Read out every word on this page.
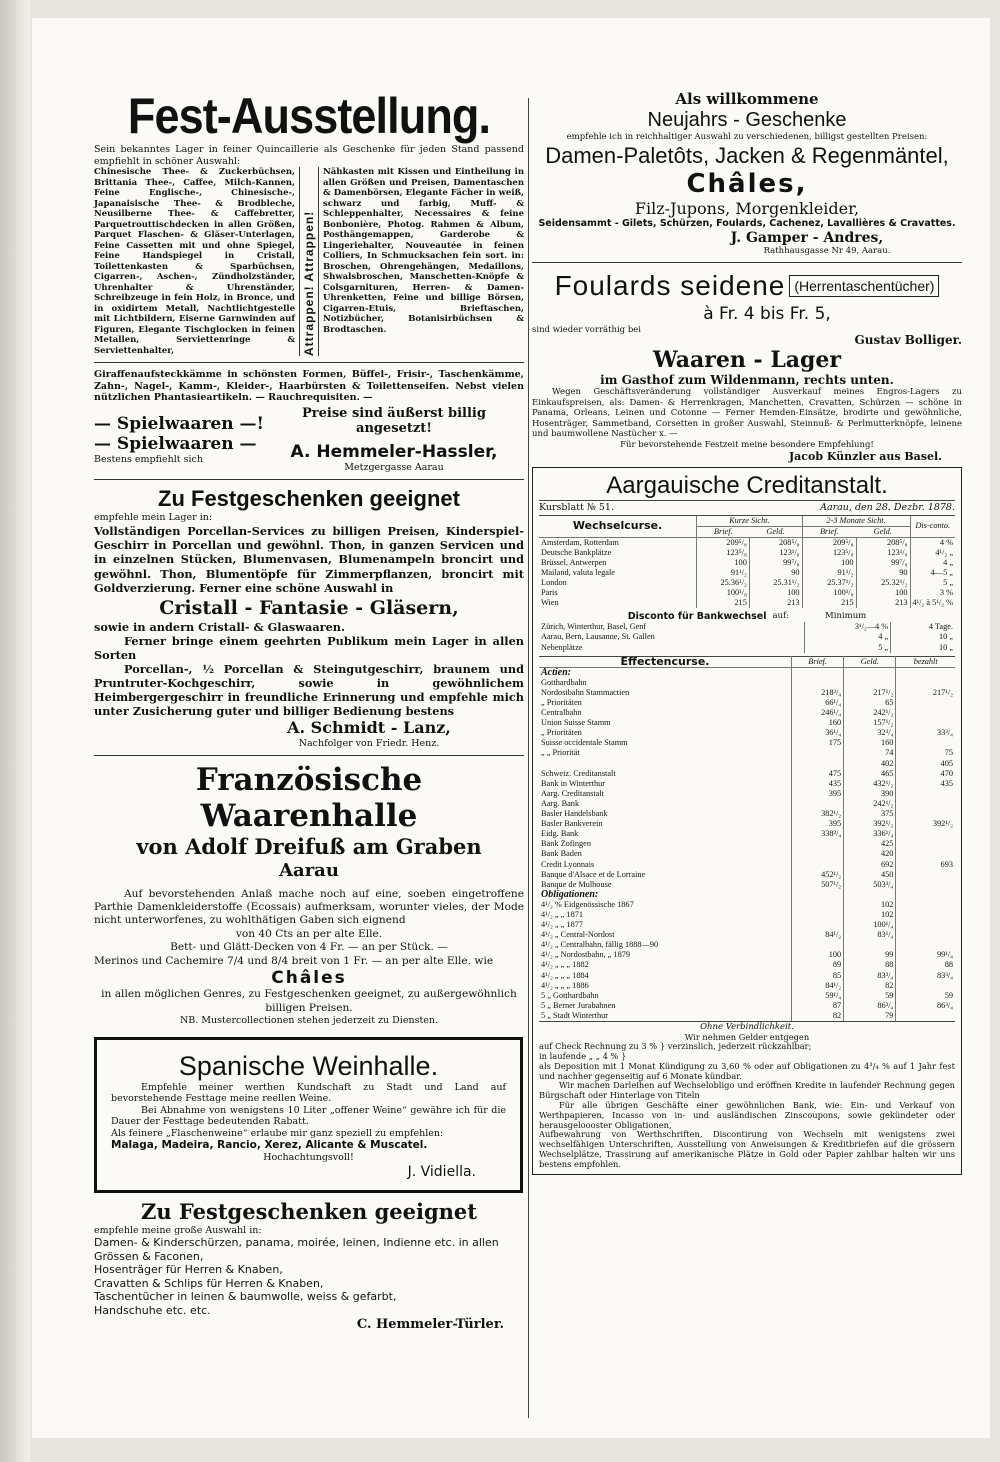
Fest-Ausstellung.

Sein bekanntes Lager in feiner Quincaillerie als Geschenke für jeden Stand passend empfiehlt in schöner Auswahl:

Chinesische Thee- & Zuckerbüchsen, Brittania Thee-, Caffee, Milch-Kannen, Feine Englische-, Chinesische-, Japanaisische Thee- & Brodbleche, Neusilberne Thee- & Caffebretter, Parquetrouttischdecken in allen Größen, Parquet Flaschen- & Gläser-Unterlagen, Feine Cassetten mit und ohne Spiegel, Feine Handspiegel in Cristall, Toilettenkasten & Sparbüchsen, Cigarren-, Aschen-, Zündholzständer, Uhrenhalter & Uhrenständer, Schreibzeuge in fein Holz, in Bronce, und in oxidirtem Metall, Nachtlichtgestelle mit Lichtbildern, Eiserne Garnwinden auf Figuren, Elegante Tischglocken in feinen Metallen, Serviettenringe & Serviettenhalter,	Attrappen! Attrappen!

Nähkasten mit Kissen und Eintheilung in allen Größen und Preisen, Damentaschen & Damenbörsen, Elegante Fächer in weiß, schwarz und farbig, Muff- & Schleppenhalter, Necessaires & feine Bonbonière, Photog. Rahmen & Album, Posthängemappen, Garderobe & Lingeriehalter, Nouveautée in feinen Colliers, In Schmucksachen fein sort. in: Broschen, Ohrengehängen, Medaillons, Shwalsbroschen, Manschetten-Knöpfe & Colsgarnituren, Herren- & Damen-Uhrenketten, Feine und billige Börsen, Cigarren-Etuis, Brieftaschen, Notizbücher, Botanisirbüchsen & Brodtaschen.

Giraffenaufsteckkämme in schönsten Formen, Büffel-, Frisir-, Taschenkämme, Zahn-, Nagel-, Kamm-, Kleider-, Haarbürsten & Toilettenseifen. Nebst vielen nützlichen Phantasieartikeln. — Rauchrequisiten. —

— Spielwaaren —!
— Spielwaaren —
Bestens empfiehlt sich
Preise sind äußerst billig angesetzt!
A. Hemmeler-Hassler,
Metzgergasse Aarau
Zu Festgeschenken geeignet

empfehle mein Lager in:

Vollständigen Porcellan-Services zu billigen Preisen, Kinderspiel-Geschirr in Porcellan und gewöhnl. Thon, in ganzen Servicen und in einzelnen Stücken, Blumenvasen, Blumenampeln broncirt und gewöhnl. Thon, Blumentöpfe für Zimmerpflanzen, broncirt mit Goldverzierung. Ferner eine schöne Auswahl in

Cristall - Fantasie - Gläsern,

sowie in andern Cristall- & Glaswaaren.

Ferner bringe einem geehrten Publikum mein Lager in allen Sorten

Porcellan-, ½ Porcellan & Steingutgeschirr, braunem und Pruntruter-Kochgeschirr, sowie in gewöhnlichem Heimbergergeschirr in freundliche Erinnerung und empfehle mich unter Zusicherung guter und billiger Bedienung bestens

A. Schmidt - Lanz,
Nachfolger von Friedr. Henz.
Französische Waarenhalle
von Adolf Dreifuß am Graben
Aarau

Auf bevorstehenden Anlaß mache noch auf eine, soeben eingetroffene Parthie Damenkleiderstoffe (Ecossais) aufmerksam, worunter vieles, der Mode nicht unterworfenes, zu wohlthätigen Gaben sich eignend

von 40 Cts an per alte Elle.

Bett- und Glätt-Decken von 4 Fr. — an per Stück. —

Merinos und Cachemire 7/4 und 8/4 breit von 1 Fr. — an per alte Elle. wie

Châles

in allen möglichen Genres, zu Festgeschenken geeignet, zu außergewöhnlich billigen Preisen.

NB. Mustercollectionen stehen jederzeit zu Diensten.

Spanische Weinhalle.

Empfehle meiner werthen Kundschaft zu Stadt und Land auf bevorstehende Festtage meine reellen Weine.

Bei Abnahme von wenigstens 10 Liter „offener Weine“ gewähre ich für die Dauer der Festtage bedeutenden Rabatt.

Als feinere „Flaschenweine“ erlaube mir ganz speziell zu empfehlen:

Malaga, Madeira, Rancio, Xerez, Alicante & Muscatel.

Hochachtungsvoll!

J. Vidiella.

Zu Festgeschenken geeignet

empfehle meine große Auswahl in:

Damen- & Kinderschürzen, panama, moirée, leinen, Indienne etc. in allen Grössen & Faconen,

Hosenträger für Herren & Knaben,

Cravatten & Schlips für Herren & Knaben,

Taschentücher in leinen & baumwolle, weiss & gefarbt,

Handschuhe etc. etc.

C. Hemmeler-Türler.

Als willkommene
Neujahrs - Geschenke

empfehle ich in reichhaltiger Auswahl zu verschiedenen, billigst gestellten Preisen:

Damen-Paletôts, Jacken & Regenmäntel,
Châles,
Filz-Jupons, Morgenkleider,

Seidensammt - Gilets, Schürzen, Foulards, Cachenez, Lavallières & Cravattes.

J. Gamper - Andres,
Rathhausgasse Nr 49, Aarau.
Foulards seidene (Herrentaschentücher)
à Fr. 4 bis Fr. 5,
sind wieder vorräthig bei
Gustav Bolliger.
Waaren - Lager

im Gasthof zum Wildenmann, rechts unten.

Wegen Geschäftsveränderung vollständiger Ausverkauf meines Engros-Lagers zu Einkaufspreisen, als: Damen- & Herrenkragen, Manchetten, Cravatten, Schürzen — schöne in Panama, Orleans, Leinen und Cotonne — Ferner Hemden-Einsätze, brodirte und gewöhnliche, Hosenträger, Sammetband, Corsetten in großer Auswahl, Steinnuß- & Perlmutterknöpfe, leinene und baumwollene Nastücher x. —

Für bevorstehende Festzeit meine besondere Empfehlung!

Jacob Künzler aus Basel.

Aargauische Creditanstalt.
Kursblatt № 51.	Aarau, den 28. Dezbr. 1878.
Wechselcurse.	Kurze Sicht.		2-3 Monate Sicht.		Dis-conto.
	Brief.	Geld.	Brief.	Geld.	
Amsterdam, Rotterdam	209⁵/₈	208⁵/₈	209⁵/₈	208⁵/₈	4 %
Deutsche Bankplätze	123⁵/₈	123¹/₈	123⁵/₈	123¹/₈	4¹/₂ „
Brüssel, Antwerpen	100	99⁷/₈	100	99⁷/₈	4 „
Mailand, valuta legale	91¹/₂	90	91¹/₂	90	4—5 „
London	25.36¹/₂	25.31¹/₂	25.37¹/₂	25.32¹/₂	5 „
Paris	100¹/₈	100	100¹/₈	100	3 %
Wien	215	213	215	213	4¹/₂ à 5¹/₂ %
Disconto für Bankwechsel auf:	Minimum
Zürich, Winterthur, Basel, Genf	3¹/₂—4 %	4 Tage.
Aarau, Bern, Lausanne, St. Gallen	4 „	10 „
Nebenplätze	5 „	10 „
Effectencurse.	Brief.	Geld.	bezahlt
Actien:			
Gotthardbahn			
Nordostbahn Stammactien	218³/₄	217¹/₂	217¹/₂
„ Prioritäten	66¹/₄	65	
Centralbahn	246¹/₄	242¹/₂	
Union Suisse Stamm	160	157¹/₂	
„ Prioritäten	36¹/₄	32³/₄	33³/₄
Suisse occidentale Stamm	175	160	
„ „ Priorität		74	75
		402	405
Schweiz. Creditanstalt	475	465	470
Bank in Winterthur	435	432¹/₂	435
Aarg. Creditanstalt	395	390	
Aarg. Bank		242¹/₂	
Basler Handelsbank	382¹/₂	375	
Basler Bankverein	395	392¹/₂	392¹/₂
Eidg. Bank	338³/₄	336¹/₄	
Bank Zofingen		425	
Bank Baden		420	
Credit Lyonnais		692	693
Banque d'Alsace et de Lorraine	452¹/₂	450	
Banque de Mulhouse	507¹/₂	503³/₄	
Obligationen:			
4¹/₂ % Eidgenössische 1867		102	
4¹/₂ „ „ 1871		102	
4¹/₂ „ „ 1877		100¹/₄	
4¹/₂ „ Central-Nordost	84¹/₂	83¹/₄	
4¹/₂ „ Centralbahn, fällig 1888—90			
4¹/₂ „ Nordostbahn, „ 1879	100	99	99¹/₄
4¹/₂ „ „ „ 1882	89	88	88
4¹/₂ „ „ „ 1884	85	83³/₄	83³/₄
4¹/₂ „ „ „ 1886	84¹/₂	82	
5 „ Gotthardbahn	59¹/₄	59	59
5 „ Berner Jurabahnen	87	86³/₄	86³/₄
5 „ Stadt Winterthur	82	79	

Ohne Verbindlichkeit.

Wir nehmen Gelder entgegen

auf Check Rechnung zu 3 % } verzinslich, jederzeit rückzahlbar;

in laufende „ „ 4 % }

als Deposition mit 1 Monat Kündigung zu 3,60 % oder auf Obligationen zu 4³/₄ % auf 1 Jahr fest und nachher gegenseitig auf 6 Monate kündbar.

Wir machen Darleihen auf Wechselobligo und eröffnen Kredite in laufender Rechnung gegen Bürgschaft oder Hinterlage von Titeln

Für alle übrigen Geschäfte einer gewöhnlichen Bank, wie: Ein- und Verkauf von Werthpapieren, Incasso von in- und ausländischen Zinscoupons, sowie gekündeter oder herausgeloooster Obligationen,

Aufbewahrung von Werthschriften, Discontirung von Wechseln mit wenigstens zwei wechselfähigen Unterschriften, Ausstellung von Anweisungen & Kreditbriefen auf die grössern Wechselplätze, Trassirung auf amerikanische Plätze in Gold oder Papier zahlbar halten wir uns bestens empfohlen.
